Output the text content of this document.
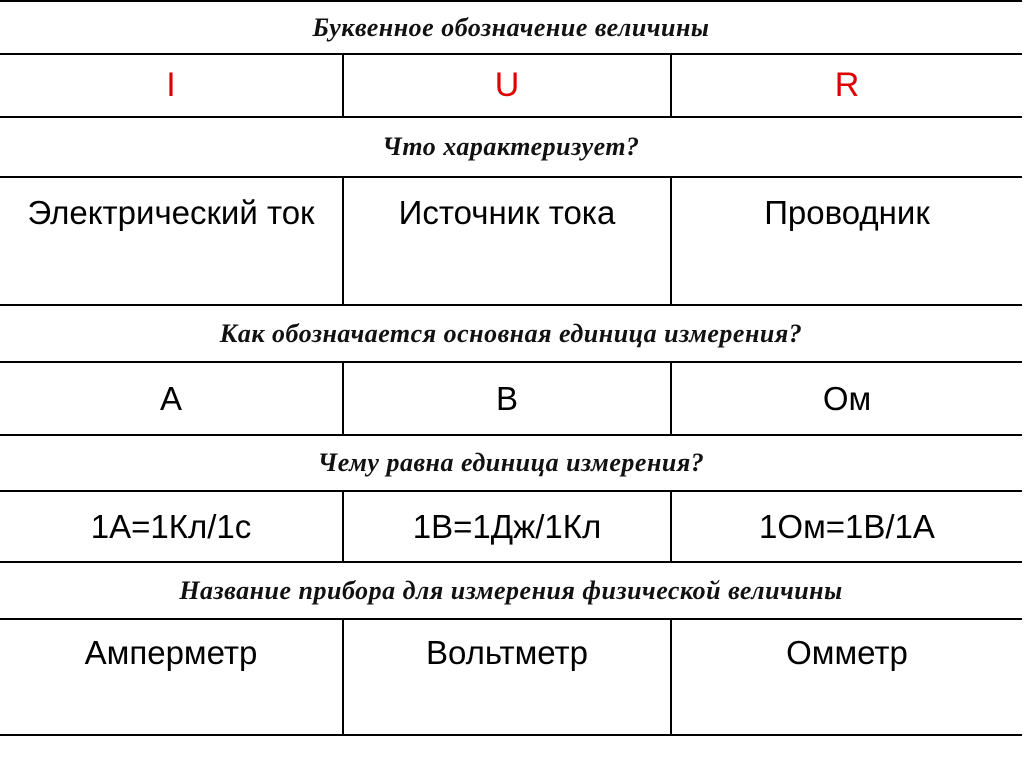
Буквенное обозначение величины		
I	U	R
Что характеризует?		
Электрический ток	Источник тока	Проводник
Как обозначается основная единица измерения?		
А	В	Ом
Чему равна единица измерения?		
1А=1Кл/1с	1В=1Дж/1Кл	1Ом=1В/1А
Название прибора для измерения физической величины		
Амперметр	Вольтметр	Омметр
